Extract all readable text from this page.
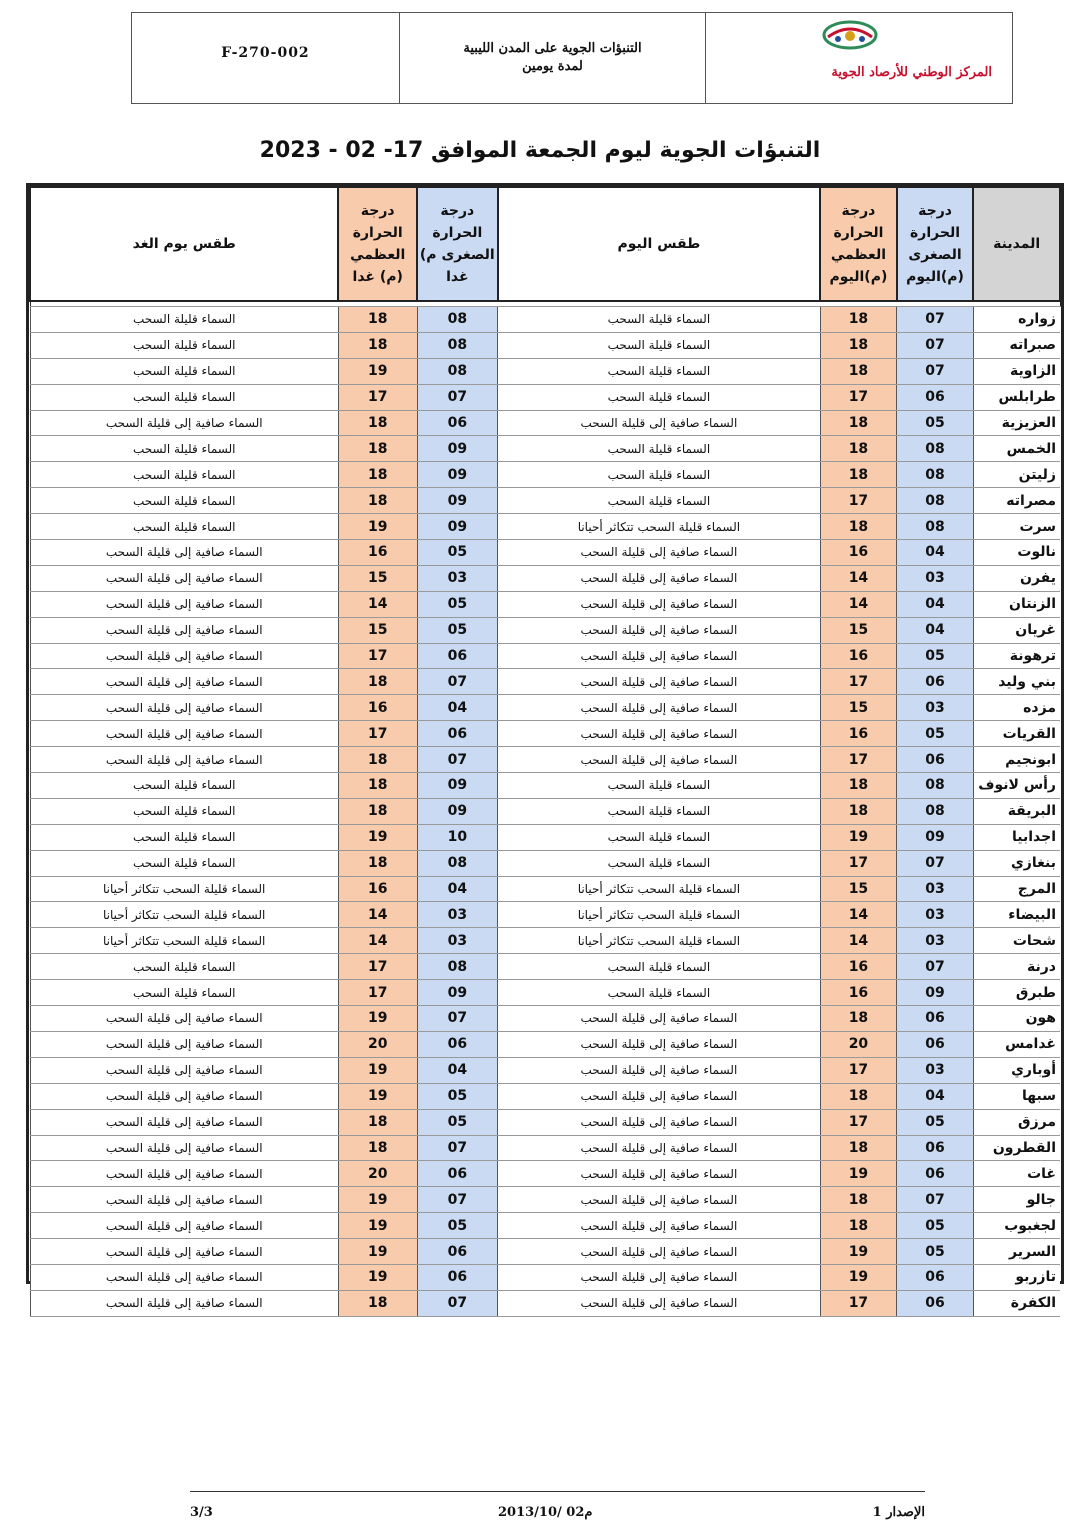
المركز الوطني للأرصاد الجوية
التنبؤات الجوية على المدن الليبية
لمدة يومين
F-270-002
التنبؤات الجوية ليوم الجمعة الموافق 17- 02 - 2023
المدينة	درجة الحرارة الصغرى (م)اليوم	درجة الحرارة العظمي (م)اليوم	طقس اليوم	درجة الحرارة الصغرى م) غدا	درجة الحرارة العظمي (م) غدا	طقس يوم الغد

زواره	07	18	السماء قليلة السحب	08	18	السماء قليلة السحب
صبراته	07	18	السماء قليلة السحب	08	18	السماء قليلة السحب
الزاوية	07	18	السماء قليلة السحب	08	19	السماء قليلة السحب
طرابلس	06	17	السماء قليلة السحب	07	17	السماء قليلة السحب
العزيزية	05	18	السماء صافية إلى قليلة السحب	06	18	السماء صافية إلى قليلة السحب
الخمس	08	18	السماء قليلة السحب	09	18	السماء قليلة السحب
زليتن	08	18	السماء قليلة السحب	09	18	السماء قليلة السحب
مصراته	08	17	السماء قليلة السحب	09	18	السماء قليلة السحب
سرت	08	18	السماء قليلة السحب تتكاثر أحيانا	09	19	السماء قليلة السحب
نالوت	04	16	السماء صافية إلى قليلة السحب	05	16	السماء صافية إلى قليلة السحب
يفرن	03	14	السماء صافية إلى قليلة السحب	03	15	السماء صافية إلى قليلة السحب
الزنتان	04	14	السماء صافية إلى قليلة السحب	05	14	السماء صافية إلى قليلة السحب
غريان	04	15	السماء صافية إلى قليلة السحب	05	15	السماء صافية إلى قليلة السحب
ترهونة	05	16	السماء صافية إلى قليلة السحب	06	17	السماء صافية إلى قليلة السحب
بني وليد	06	17	السماء صافية إلى قليلة السحب	07	18	السماء صافية إلى قليلة السحب
مزده	03	15	السماء صافية إلى قليلة السحب	04	16	السماء صافية إلى قليلة السحب
القريات	05	16	السماء صافية إلى قليلة السحب	06	17	السماء صافية إلى قليلة السحب
ابونجيم	06	17	السماء صافية إلى قليلة السحب	07	18	السماء صافية إلى قليلة السحب
رأس لانوف	08	18	السماء قليلة السحب	09	18	السماء قليلة السحب
البريقة	08	18	السماء قليلة السحب	09	18	السماء قليلة السحب
اجدابيا	09	19	السماء قليلة السحب	10	19	السماء قليلة السحب
بنغازي	07	17	السماء قليلة السحب	08	18	السماء قليلة السحب
المرج	03	15	السماء قليلة السحب تتكاثر أحيانا	04	16	السماء قليلة السحب تتكاثر أحيانا
البيضاء	03	14	السماء قليلة السحب تتكاثر أحيانا	03	14	السماء قليلة السحب تتكاثر أحيانا
شحات	03	14	السماء قليلة السحب تتكاثر أحيانا	03	14	السماء قليلة السحب تتكاثر أحيانا
درنة	07	16	السماء قليلة السحب	08	17	السماء قليلة السحب
طبرق	09	16	السماء قليلة السحب	09	17	السماء قليلة السحب
هون	06	18	السماء صافية إلى قليلة السحب	07	19	السماء صافية إلى قليلة السحب
غدامس	06	20	السماء صافية إلى قليلة السحب	06	20	السماء صافية إلى قليلة السحب
أوباري	03	17	السماء صافية إلى قليلة السحب	04	19	السماء صافية إلى قليلة السحب
سبها	04	18	السماء صافية إلى قليلة السحب	05	19	السماء صافية إلى قليلة السحب
مرزق	05	17	السماء صافية إلى قليلة السحب	05	18	السماء صافية إلى قليلة السحب
القطرون	06	18	السماء صافية إلى قليلة السحب	07	18	السماء صافية إلى قليلة السحب
غات	06	19	السماء صافية إلى قليلة السحب	06	20	السماء صافية إلى قليلة السحب
جالو	07	18	السماء صافية إلى قليلة السحب	07	19	السماء صافية إلى قليلة السحب
لجغبوب	05	18	السماء صافية إلى قليلة السحب	05	19	السماء صافية إلى قليلة السحب
السرير	05	19	السماء صافية إلى قليلة السحب	06	19	السماء صافية إلى قليلة السحب
تازربو	06	19	السماء صافية إلى قليلة السحب	06	19	السماء صافية إلى قليلة السحب
الكفرة	06	17	السماء صافية إلى قليلة السحب	07	18	السماء صافية إلى قليلة السحب
الإصدار 1
2013/10/ 02م
3/3
